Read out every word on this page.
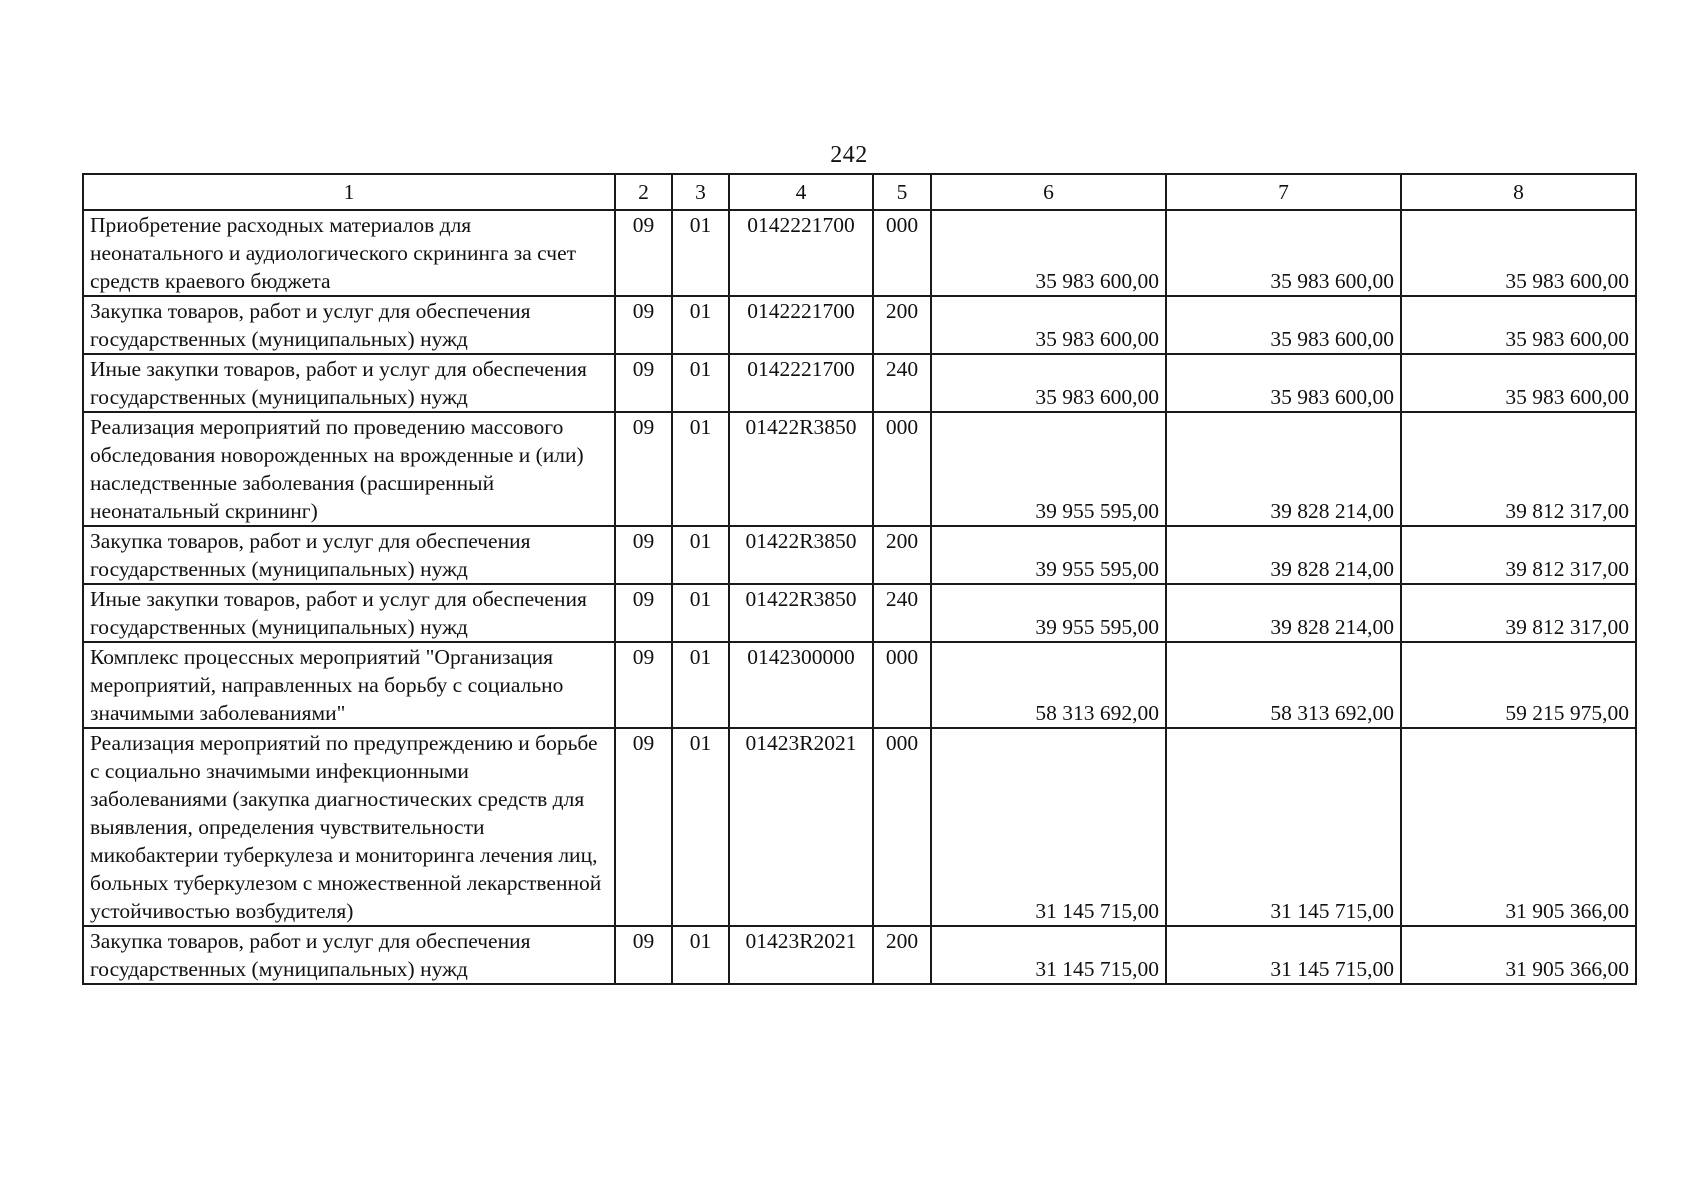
242
1	2	3	4	5	6	7	8
Приобретение расходных материалов для неонатального и аудиологического скрининга за счет средств краевого бюджета	09	01	0142221700	000	35 983 600,00	35 983 600,00	35 983 600,00
Закупка товаров, работ и услуг для обеспечения государственных (муниципальных) нужд	09	01	0142221700	200	35 983 600,00	35 983 600,00	35 983 600,00
Иные закупки товаров, работ и услуг для обеспечения государственных (муниципальных) нужд	09	01	0142221700	240	35 983 600,00	35 983 600,00	35 983 600,00
Реализация мероприятий по проведению массового обследования новорожденных на врожденные и (или) наследственные заболевания (расширенный неонатальный скрининг)	09	01	01422R3850	000	39 955 595,00	39 828 214,00	39 812 317,00
Закупка товаров, работ и услуг для обеспечения государственных (муниципальных) нужд	09	01	01422R3850	200	39 955 595,00	39 828 214,00	39 812 317,00
Иные закупки товаров, работ и услуг для обеспечения государственных (муниципальных) нужд	09	01	01422R3850	240	39 955 595,00	39 828 214,00	39 812 317,00
Комплекс процессных мероприятий "Организация мероприятий, направленных на борьбу с социально значимыми заболеваниями"	09	01	0142300000	000	58 313 692,00	58 313 692,00	59 215 975,00
Реализация мероприятий по предупреждению и борьбе с социально значимыми инфекционными заболеваниями (закупка диагностических средств для выявления, определения чувствительности микобактерии туберкулеза и мониторинга лечения лиц, больных туберкулезом с множественной лекарственной устойчивостью возбудителя)	09	01	01423R2021	000	31 145 715,00	31 145 715,00	31 905 366,00
Закупка товаров, работ и услуг для обеспечения государственных (муниципальных) нужд	09	01	01423R2021	200	31 145 715,00	31 145 715,00	31 905 366,00
